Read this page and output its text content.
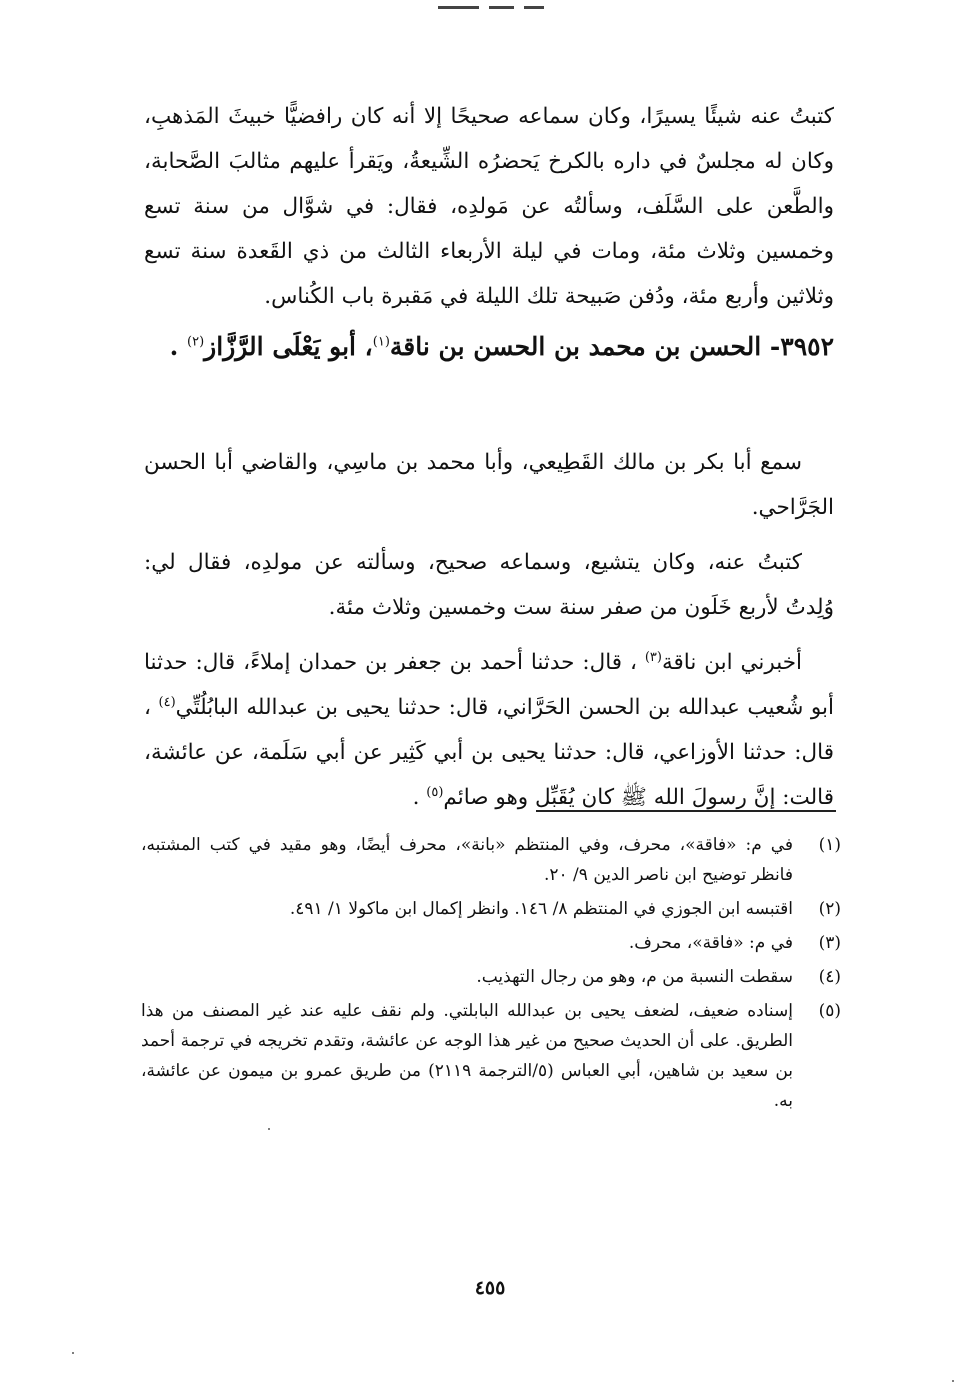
كتبتُ عنه شيئًا يسيرًا، وكان سماعه صحيحًا إلا أنه كان رافضيًّا خبيثَ المَذهبِ، وكان له مجلسٌ في داره بالكرخ يَحضرُه الشِّيعةُ، ويَقرأ عليهم مثالبَ الصَّحابة، والطَّعن على السَّلَف، وسألتُه عن مَولدِه، فقال: في شوَّال من سنة تسع وخمسين وثلاث مئة، ومات في ليلة الأربعاء الثالث من ذي القَعدة سنة تسع وثلاثين وأربع مئة، ودُفن صَبيحة تلك الليلة في مَقبرة باب الكُناس.

٣٩٥٢- الحسن بن محمد بن الحسن بن ناقة$^{(١)}$، أبو يَعْلَى الرَّزَّاز$^{(٢)}$ .

سمع أبا بكر بن مالك القَطِيعي، وأبا محمد بن ماسِي، والقاضي أبا الحسن الجَرَّاحي.

كتبتُ عنه، وكان يتشيع، وسماعه صحيح، وسألته عن مولدِه، فقال لي: وُلِدتُ لأربع خَلَون من صفر سنة ست وخمسين وثلاث مئة.

أخبرني ابن ناقة$^{(٣)}$ ، قال: حدثنا أحمد بن جعفر بن حمدان إملاءً، قال: حدثنا أبو شُعيب عبدالله بن الحسن الحَرَّاني، قال: حدثنا يحيى بن عبدالله البابُلُتِّي$^{(٤)}$ ، قال: حدثنا الأوزاعي، قال: حدثنا يحيى بن أبي كَثِير عن أبي سَلَمة، عن عائشة، قالت: إنَّ رسولَ الله ﷺ كان يُقَبِّل وهو صائم$^{(٥)}$ .

(١)
في م: «فاقة»، محرف، وفي المنتظم «بانة»، محرف أيضًا، وهو مقيد في كتب المشتبه، فانظر توضيح ابن ناصر الدين ٩/ ٢٠.
(٢)
اقتبسه ابن الجوزي في المنتظم ٨/ ١٤٦. وانظر إكمال ابن ماكولا ١/ ٤٩١.
(٣)
في م: «فاقة»، محرف.
(٤)
سقطت النسبة من م، وهو من رجال التهذيب.
(٥)
إسناده ضعيف، لضعف يحيى بن عبدالله البابلتي. ولم نقف عليه عند غير المصنف من هذا الطريق. على أن الحديث صحيح من غير هذا الوجه عن عائشة، وتقدم تخريجه في ترجمة أحمد بن سعيد بن شاهين، أبي العباس (٥/الترجمة ٢١١٩) من طريق عمرو بن ميمون عن عائشة، به.
٤٥٥
